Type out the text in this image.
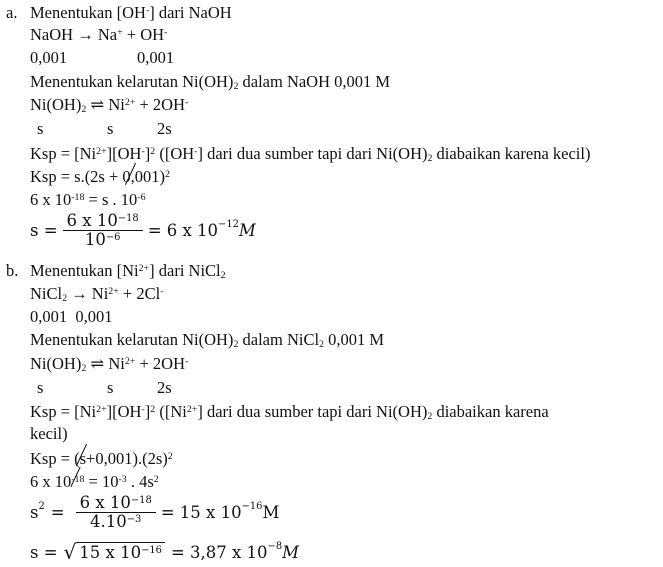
a. Menentukan [OH-] dari NaOH
NaOH → Na+ + OH-
0,001	0,001
Menentukan kelarutan $Ni(OH)_2$ dalam NaOH 0,001 M
$Ni(OH)_2$ ⇌ $Ni^{2+} + 2OH^-$
s	s	2s
Ksp = $[Ni^{2+}][OH^-]^2$ ([OH-] dari dua sumber tapi dari $Ni(OH)_2$ diabaikan karena kecil)
Ksp = $s.(2s + 0,001)^2$
6 x $10^{-18} = s$ . $10^{-6}$
$s = \frac{6 x 10^{-18}}{10^{-6}} = 6$ x $10^{-12}$ M
b. Menentukan $[Ni^{2+}]$ dari NiCl$_2$
NiCl$_2$ → $Ni^{2+} + 2Cl^-$
0,001  0,001
Menentukan kelarutan $Ni(OH)_2$ dalam NiCl$_2$ 0,001 M
$Ni(OH)_2$ ⇌ $Ni^{2+} + 2OH^-$
s	s	2s
Ksp = $[Ni^{2+}][OH^-]^2$ ($[Ni^{2+}]$ dari dua sumber tapi dari $Ni(OH)_2$ diabaikan karena
kecil)
Ksp = $(s+0,001).(2s)^2$
6 x $10^{-18} = 10^{-3}$ . $4s^2$
$s^2 = \frac{6 x 10^{-18}}{4.10^{-3}} = 15$ x $10^{-16}$ M
s = √ 15 x $10^{-16} = 3,87$ x $10^{-8}$ M
